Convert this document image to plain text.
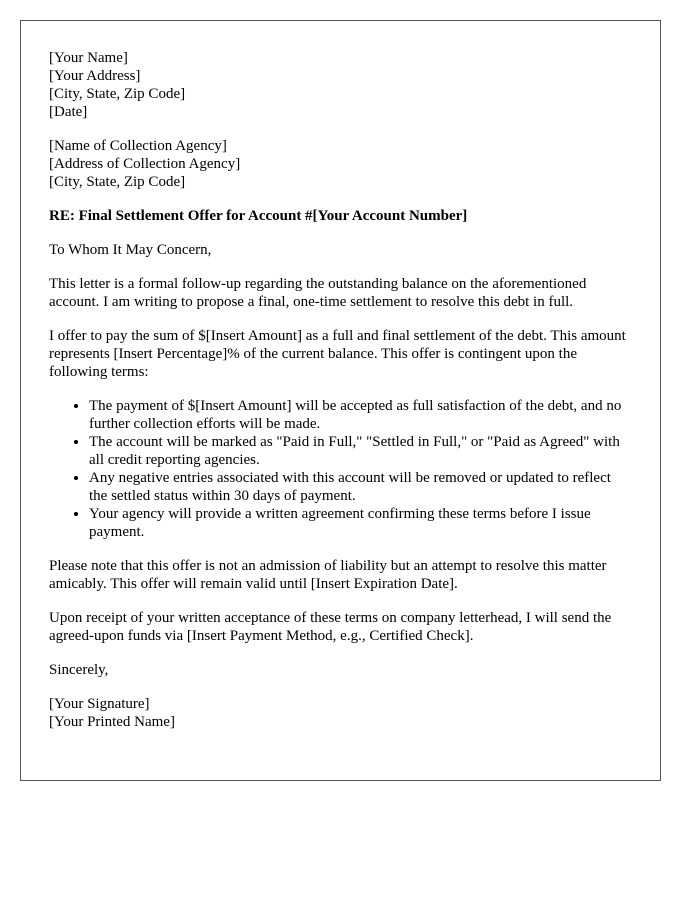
[Your Name]
[Your Address]
[City, State, Zip Code]
[Date]

[Name of Collection Agency]
[Address of Collection Agency]
[City, State, Zip Code]

RE: Final Settlement Offer for Account #[Your Account Number]

To Whom It May Concern,

This letter is a formal follow-up regarding the outstanding balance on the aforementioned account. I am writing to propose a final, one-time settlement to resolve this debt in full.

I offer to pay the sum of $[Insert Amount] as a full and final settlement of the debt. This amount represents [Insert Percentage]% of the current balance. This offer is contingent upon the following terms:

• The payment of $[Insert Amount] will be accepted as full satisfaction of the debt, and no further collection efforts will be made.
• The account will be marked as "Paid in Full," "Settled in Full," or "Paid as Agreed" with all credit reporting agencies.
• Any negative entries associated with this account will be removed or updated to reflect the settled status within 30 days of payment.
• Your agency will provide a written agreement confirming these terms before I issue payment.

Please note that this offer is not an admission of liability but an attempt to resolve this matter amicably. This offer will remain valid until [Insert Expiration Date].

Upon receipt of your written acceptance of these terms on company letterhead, I will send the agreed-upon funds via [Insert Payment Method, e.g., Certified Check].

Sincerely,

[Your Signature]
[Your Printed Name]
